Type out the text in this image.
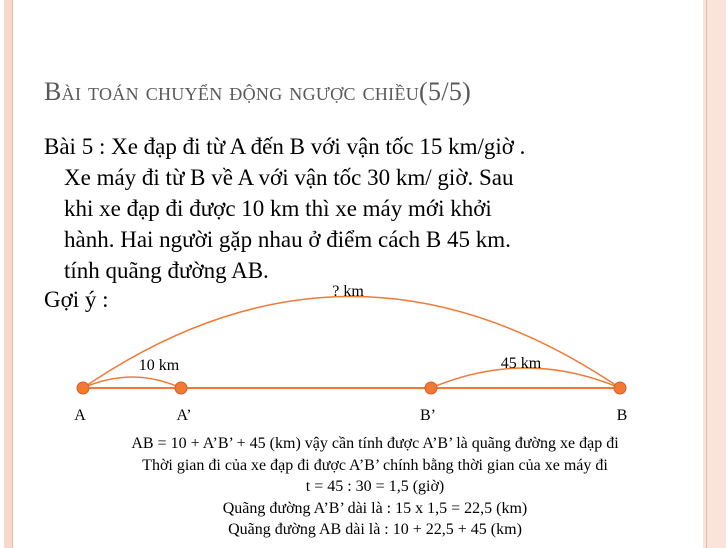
Bài toán chuyển động ngược chiều(5/5)
Bài 5 : Xe đạp đi từ A đến B với vận tốc 15 km/giờ .
Xe máy đi từ B về A với vận tốc 30 km/ giờ. Sau
khi xe đạp đi được 10 km thì xe máy mới khởi
hành. Hai người gặp nhau ở điểm cách B 45 km.
tính quãng đường AB.
Gợi ý :	? km
10 km	45 km
A	A’	B’	B
AB = 10 + A’B’ + 45 (km) vậy cần tính được A’B’ là quãng đường xe đạp đi
Thời gian đi của xe đạp đi được A’B’ chính bằng thời gian của xe máy đi
t = 45 : 30 = 1,5 (giờ)
Quãng đường A’B’ dài là : 15 x 1,5 = 22,5 (km)
Quãng đường AB dài là : 10 + 22,5 + 45 (km)
